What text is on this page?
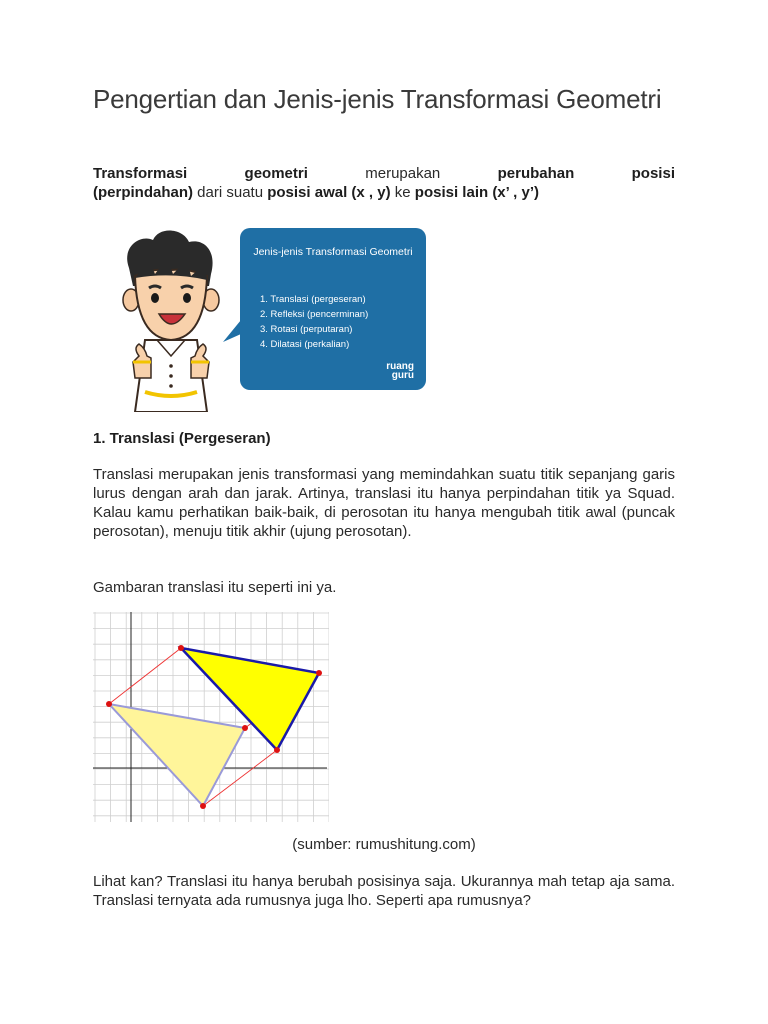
Pengertian dan Jenis-jenis Transformasi Geometri

Transformasi geometri merupakan perubahan posisi
(perpindahan) dari suatu posisi awal (x , y) ke posisi lain (x’ , y’)

Jenis-jenis Transformasi Geometri
1. Translasi (pergeseran)
2. Refleksi (pencerminan)
3. Rotasi (perputaran)
4. Dilatasi (perkalian)
ruang
guru

1. Translasi (Pergeseran)

Translasi merupakan jenis transformasi yang memindahkan suatu titik sepanjang garis lurus dengan arah dan jarak. Artinya, translasi itu hanya perpindahan titik ya Squad. Kalau kamu perhatikan baik-baik, di perosotan itu hanya mengubah titik awal (puncak perosotan), menuju titik akhir (ujung perosotan).

Gambaran translasi itu seperti ini ya.

(sumber: rumushitung.com)

Lihat kan? Translasi itu hanya berubah posisinya saja. Ukurannya mah tetap aja sama. Translasi ternyata ada rumusnya juga lho. Seperti apa rumusnya?
